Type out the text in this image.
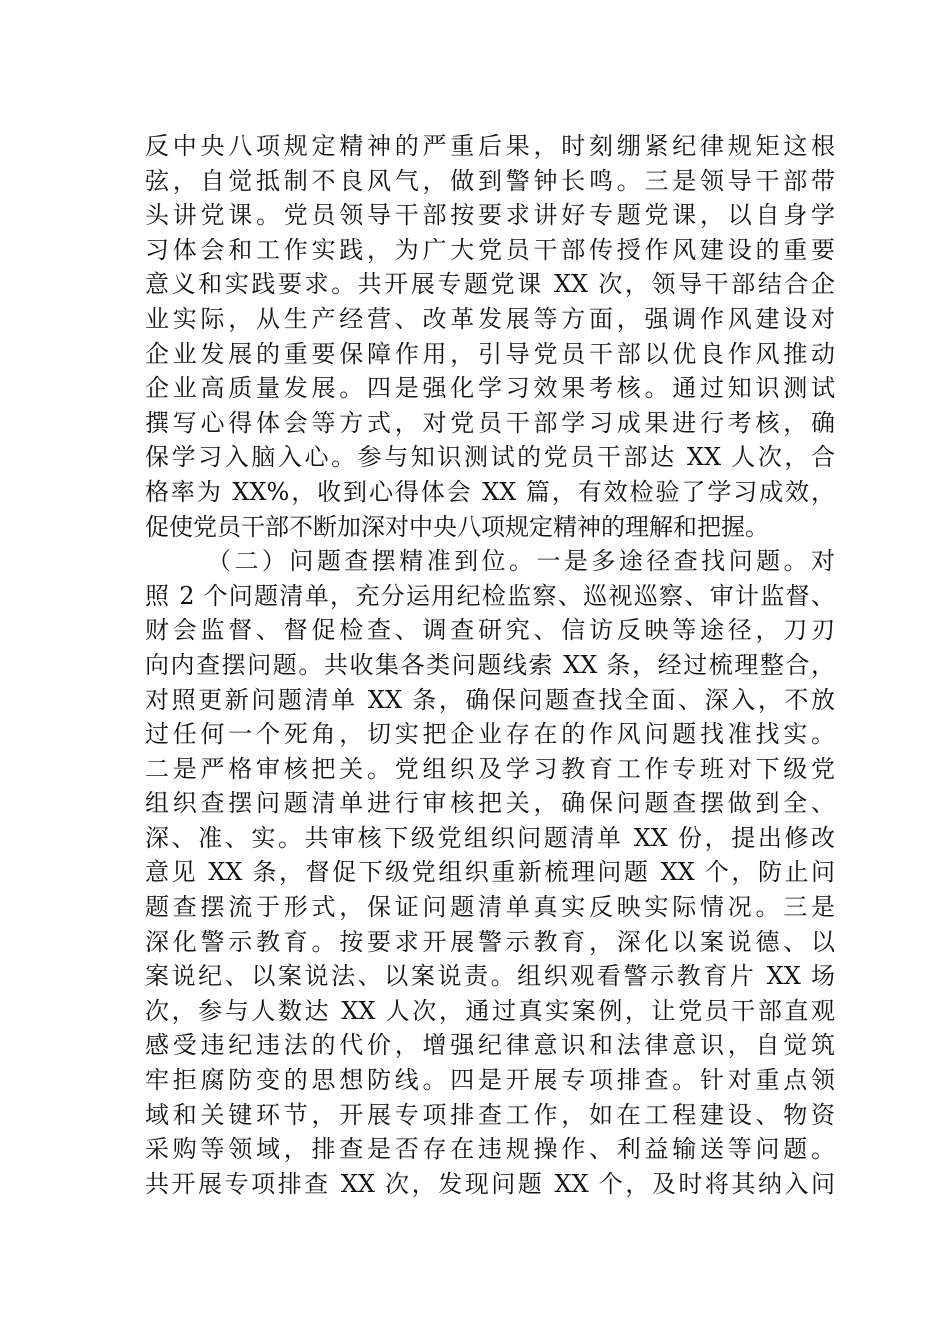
反中央八项规定精神的严重后果，时刻绷紧纪律规矩这根
弦，自觉抵制不良风气，做到警钟长鸣。三是领导干部带
头讲党课。党员领导干部按要求讲好专题党课，以自身学
习体会和工作实践，为广大党员干部传授作风建设的重要
意义和实践要求。共开展专题党课 XX 次，领导干部结合企
业实际，从生产经营、改革发展等方面，强调作风建设对
企业发展的重要保障作用，引导党员干部以优良作风推动
企业高质量发展。四是强化学习效果考核。通过知识测试
撰写心得体会等方式，对党员干部学习成果进行考核，确
保学习入脑入心。参与知识测试的党员干部达 XX 人次，合
格率为 XX%，收到心得体会 XX 篇，有效检验了学习成效，
促使党员干部不断加深对中央八项规定精神的理解和把握。
（二）问题查摆精准到位。一是多途径查找问题。对
照 2 个问题清单，充分运用纪检监察、巡视巡察、审计监督、
财会监督、督促检查、调查研究、信访反映等途径，刀刃
向内查摆问题。共收集各类问题线索 XX 条，经过梳理整合，
对照更新问题清单 XX 条，确保问题查找全面、深入，不放
过任何一个死角，切实把企业存在的作风问题找准找实。
二是严格审核把关。党组织及学习教育工作专班对下级党
组织查摆问题清单进行审核把关，确保问题查摆做到全、
深、准、实。共审核下级党组织问题清单 XX 份，提出修改
意见 XX 条，督促下级党组织重新梳理问题 XX 个，防止问
题查摆流于形式，保证问题清单真实反映实际情况。三是
深化警示教育。按要求开展警示教育，深化以案说德、以
案说纪、以案说法、以案说责。组织观看警示教育片 XX 场
次，参与人数达 XX 人次，通过真实案例，让党员干部直观
感受违纪违法的代价，增强纪律意识和法律意识，自觉筑
牢拒腐防变的思想防线。四是开展专项排查。针对重点领
域和关键环节，开展专项排查工作，如在工程建设、物资
采购等领域，排查是否存在违规操作、利益输送等问题。
共开展专项排查 XX 次，发现问题 XX 个，及时将其纳入问
